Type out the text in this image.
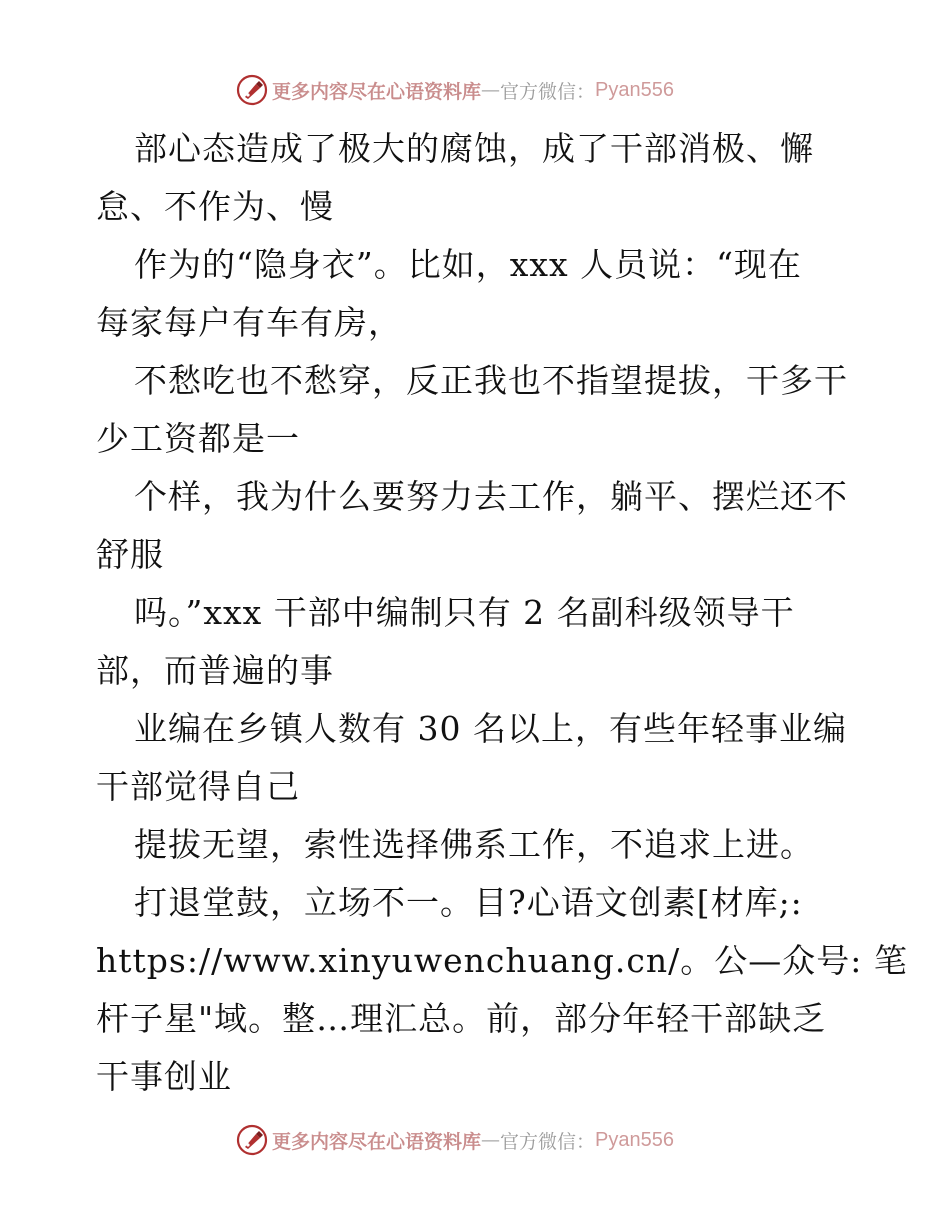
更多内容尽在心语资料库 — 官方微信： Pyan556
部心态造成了极大的腐蚀，成了干部消极、懈
怠、不作为、慢
作为的“隐身衣”。比如，xxx 人员说：“现在
每家每户有车有房，
不愁吃也不愁穿，反正我也不指望提拔，干多干
少工资都是一
个样，我为什么要努力去工作，躺平、摆烂还不
舒服
吗。”xxx 干部中编制只有 2 名副科级领导干
部，而普遍的事
业编在乡镇人数有 30 名以上，有些年轻事业编
干部觉得自己
提拔无望，索性选择佛系工作，不追求上进。
打退堂鼓，立场不一。目?心语文创素[材库;:
https://www.xinyuwenchuang.cn/。公—众号: 笔
杆子星"域。整…理汇总。前，部分年轻干部缺乏
干事创业
更多内容尽在心语资料库 — 官方微信： Pyan556
